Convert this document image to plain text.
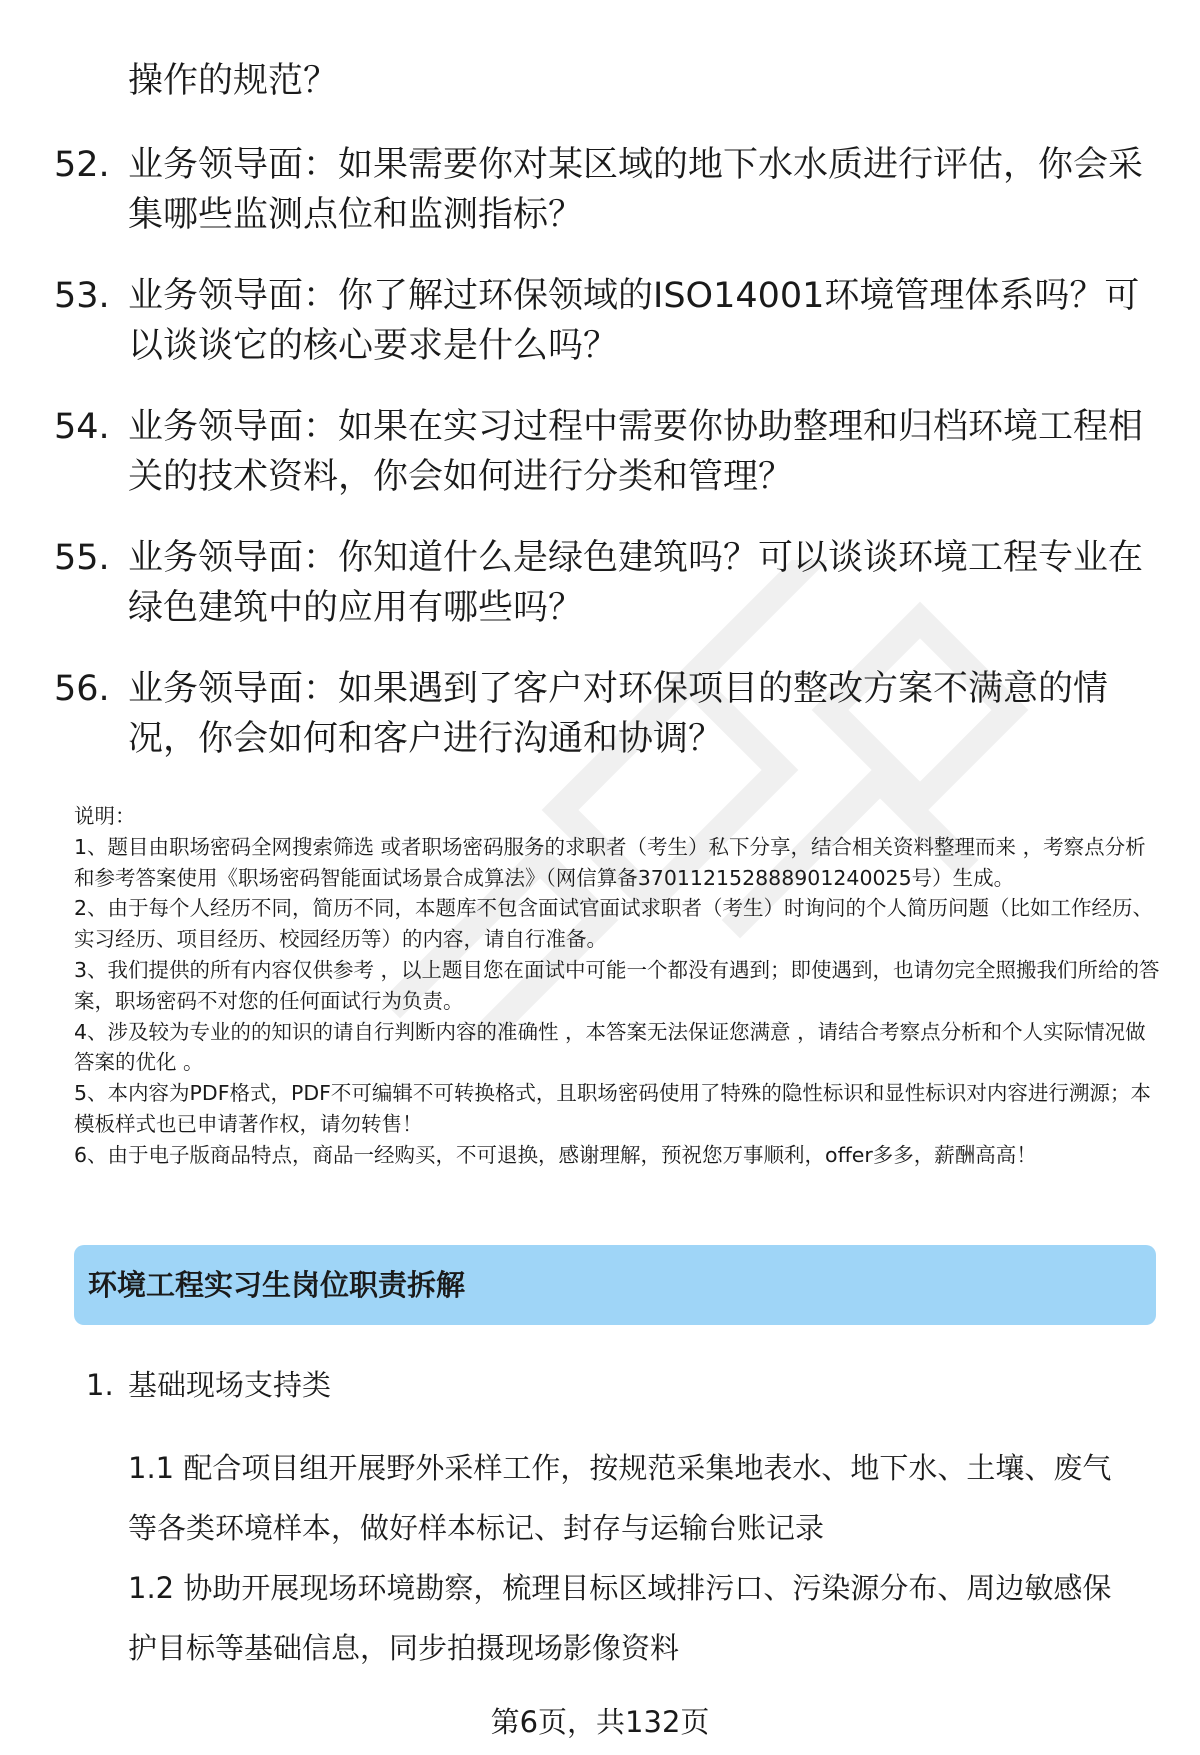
操作的规范？

52. 业务领导面：如果需要你对某区域的地下水水质进行评估，你会采集哪些监测点位和监测指标？
53. 业务领导面：你了解过环保领域的ISO14001环境管理体系吗？可以谈谈它的核心要求是什么吗？
54. 业务领导面：如果在实习过程中需要你协助整理和归档环境工程相关的技术资料，你会如何进行分类和管理？
55. 业务领导面：你知道什么是绿色建筑吗？可以谈谈环境工程专业在绿色建筑中的应用有哪些吗？
56. 业务领导面：如果遇到了客户对环保项目的整改方案不满意的情况，你会如何和客户进行沟通和协调？

说明：

1、题目由职场密码全网搜索筛选 或者职场密码服务的求职者（考生）私下分享，结合相关资料整理而来 ，考察点分析和参考答案使用《职场密码智能面试场景合成算法》（网信算备370112152888901240025号）生成。

2、由于每个人经历不同，简历不同，本题库不包含面试官面试求职者（考生）时询问的个人简历问题（比如工作经历、实习经历、项目经历、校园经历等）的内容，请自行准备。

3、我们提供的所有内容仅供参考 ，以上题目您在面试中可能一个都没有遇到；即使遇到，也请勿完全照搬我们所给的答案，职场密码不对您的任何面试行为负责。

4、涉及较为专业的的知识的请自行判断内容的准确性 ，本答案无法保证您满意 ，请结合考察点分析和个人实际情况做答案的优化 。

5、本内容为PDF格式，PDF不可编辑不可转换格式，且职场密码使用了特殊的隐性标识和显性标识对内容进行溯源；本模板样式也已申请著作权，请勿转售！

6、由于电子版商品特点，商品一经购买，不可退换，感谢理解，预祝您万事顺利，offer多多，薪酬高高！

环境工程实习生岗位职责拆解
1. 基础现场支持类

1.1 配合项目组开展野外采样工作，按规范采集地表水、地下水、土壤、废气等各类环境样本，做好样本标记、封存与运输台账记录

1.2 协助开展现场环境勘察，梳理目标区域排污口、污染源分布、周边敏感保护目标等基础信息，同步拍摄现场影像资料

第6页，共132页
